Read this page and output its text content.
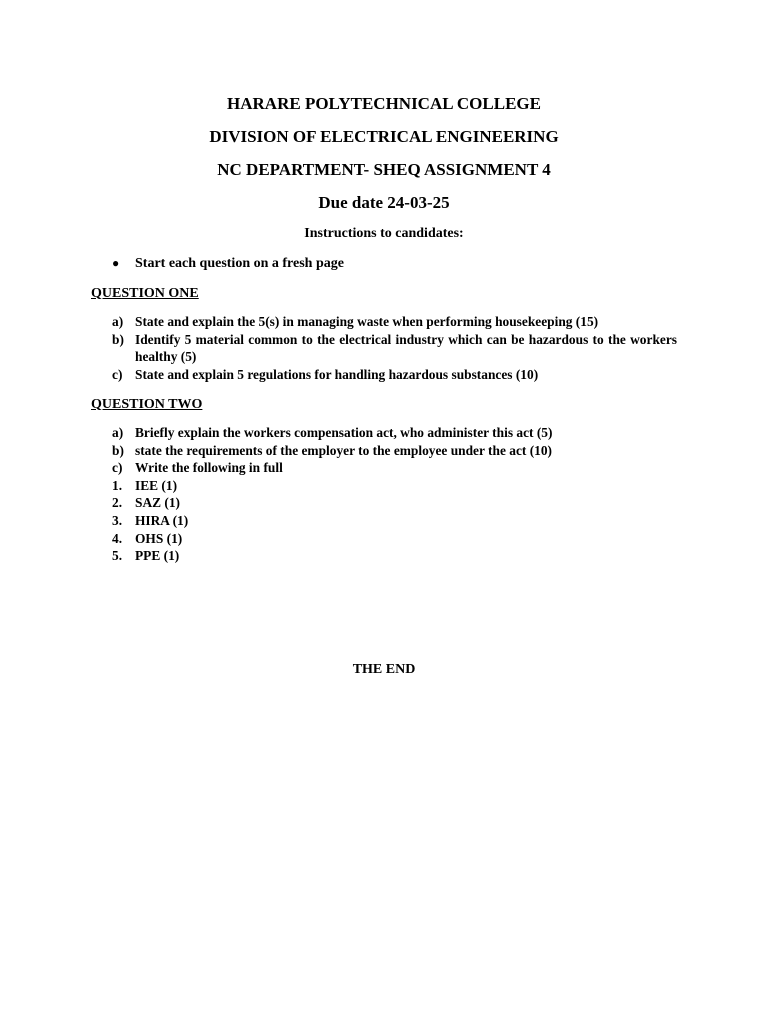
HARARE POLYTECHNICAL COLLEGE
DIVISION OF ELECTRICAL ENGINEERING
NC DEPARTMENT- SHEQ ASSIGNMENT 4
Due date 24-03-25
Instructions to candidates:
● Start each question on a fresh page
QUESTION ONE
a) State and explain the 5(s) in managing waste when performing housekeeping (15)
b) Identify 5 material common to the electrical industry which can be hazardous to the workers healthy (5)
c) State and explain 5 regulations for handling hazardous substances (10)
QUESTION TWO
a) Briefly explain the workers compensation act, who administer this act (5)
b) state the requirements of the employer to the employee under the act (10)
c) Write the following in full
1. IEE (1)
2. SAZ (1)
3. HIRA (1)
4. OHS (1)
5. PPE (1)
THE END
